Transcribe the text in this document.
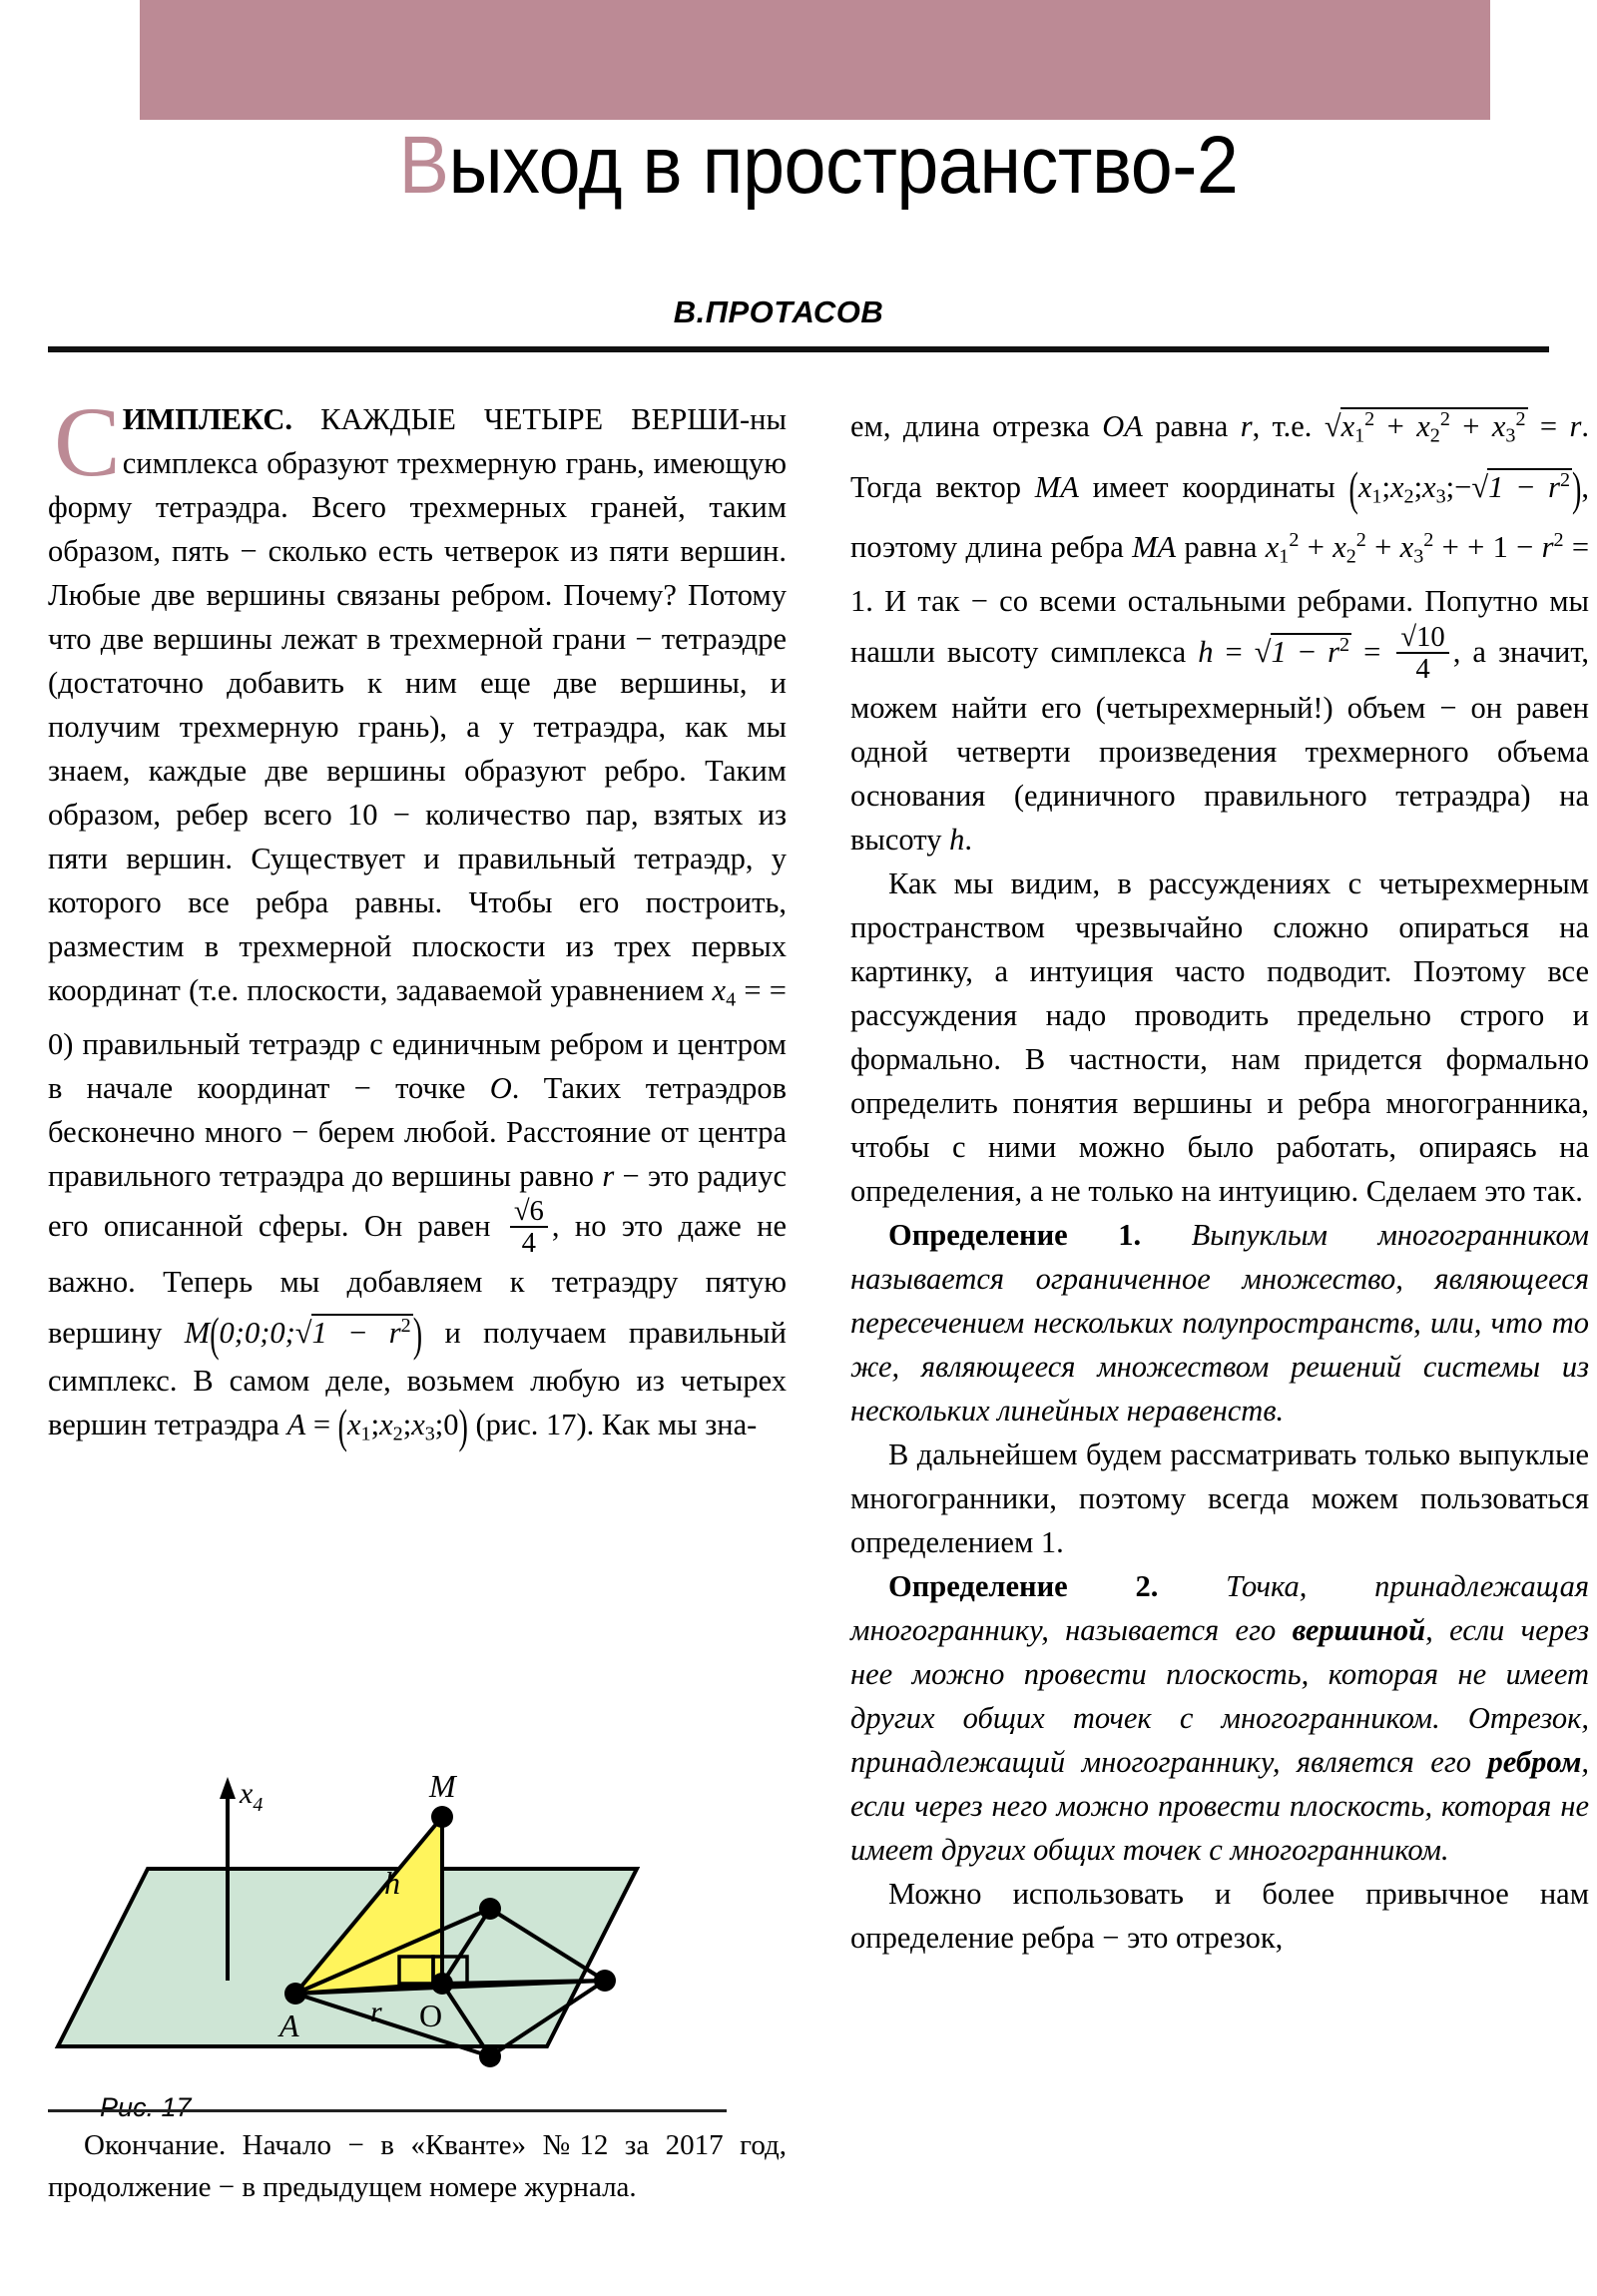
Выход в пространство-2
В.ПРОТАСОВ

СИМПЛЕКС. КАЖДЫЕ ЧЕТЫРЕ ВЕРШИ-ны симплекса образуют трехмерную грань, имеющую форму тетраэдра. Всего трехмерных граней, таким образом, пять − сколько есть четверок из пяти вершин. Любые две вершины связаны ребром. Почему? Потому что две вершины лежат в трехмерной грани − тетраэдре (достаточно добавить к ним еще две вершины, и получим трехмерную грань), а у тетраэдра, как мы знаем, каждые две вершины образуют ребро. Таким образом, ребер всего 10 − количество пар, взятых из пяти вершин. Существует и правильный тетраэдр, у которого все ребра равны. Чтобы его построить, разместим в трехмерной плоскости из трех первых координат (т.е. плоскости, задаваемой уравнением $x_4$ = = 0) правильный тетраэдр с единичным ребром и центром в начале координат − точке O. Таких тетраэдров бесконечно много − берем любой. Расстояние от центра правильного тетраэдра до вершины равно r − это радиус его описанной сферы. Он равен $\frac{√6}{4}$ , но это даже не важно. Теперь мы добавляем к тетраэдру пятую вершину M(0;0;0;√1 − $r^2$) и получаем правильный симплекс. В самом деле, возьмем любую из четырех вершин тетраэдра $A = (x_1;x_2;x_3;0)$ (рис. 17). Как мы зна-

$x_4$
M
h
A r O
Рис. 17
Окончание. Начало − в «Кванте» №12 за 2017 год, продолжение − в предыдущем номере журнала.

ем, длина отрезка OA равна r, т.е. $√x_1^2 + x_2^2 + x_3^2 = r$. Тогда вектор MA имеет координаты $(x_1;x_2;x_3;-√1 - r^2)$, поэтому длина ребра MA равна $x_1^2 + x_2^2 + x_3^2$ + + $1 - r^2 = 1$. И так − со всеми остальными ребрами. Попутно мы нашли высоту симплекса $h = √1 - r^2 = \frac{√10}{4}$ , а значит, можем найти его (четырехмерный!) объем − он равен одной четверти произведения трехмерного объема основания (единичного правильного тетраэдра) на высоту h.

Как мы видим, в рассуждениях с четырехмерным пространством чрезвычайно сложно опираться на картинку, а интуиция часто подводит. Поэтому все рассуждения надо проводить предельно строго и формально. В частности, нам придется формально определить понятия вершины и ребра многогранника, чтобы с ними можно было работать, опираясь на определения, а не только на интуицию. Сделаем это так.

Определение 1. Выпуклым многогранником называется ограниченное множество, являющееся пересечением нескольких полупространств, или, что то же, являющееся множеством решений системы из нескольких линейных неравенств.

В дальнейшем будем рассматривать только выпуклые многогранники, поэтому всегда можем пользоваться определением 1.

Определение 2. Точка, принадлежащая многограннику, называется его вершиной, если через нее можно провести плоскость, которая не имеет других общих точек с многогранником. Отрезок, принадлежащий многограннику, является его ребром, если через него можно провести плоскость, которая не имеет других общих точек с многогранником.

Можно использовать и более привычное нам определение ребра − это отрезок,
